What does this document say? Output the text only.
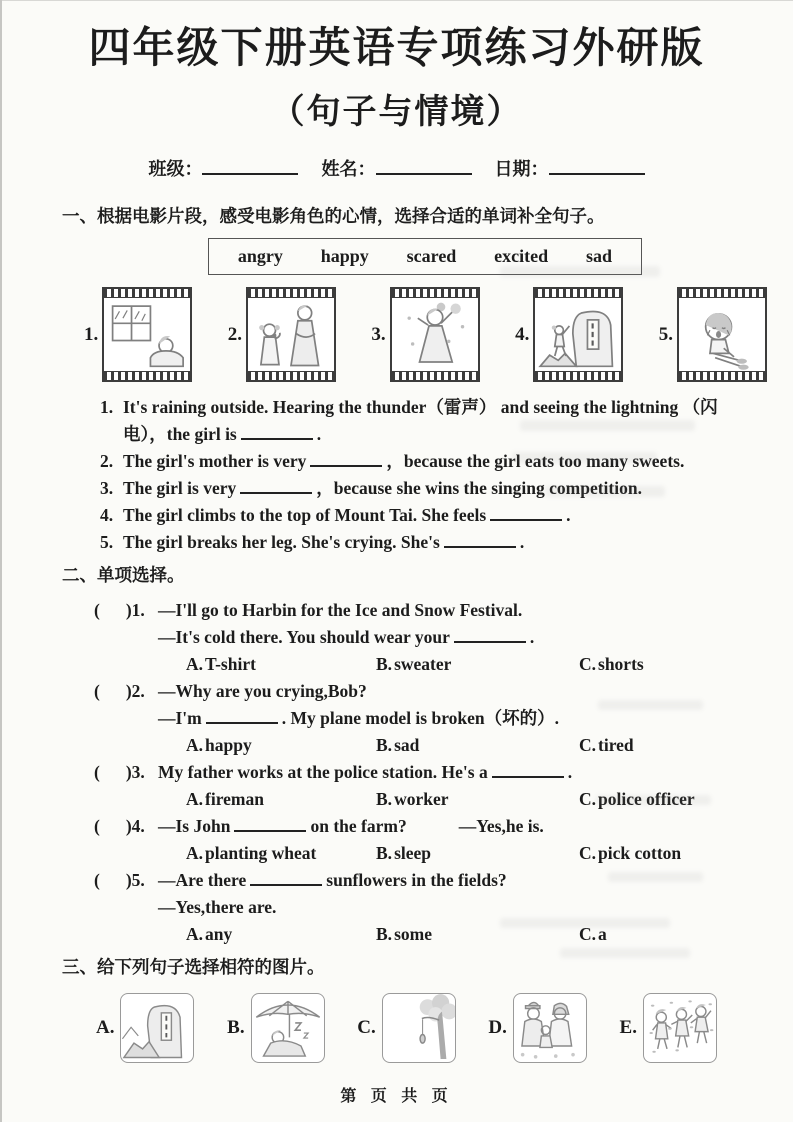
四年级下册英语专项练习外研版
（句子与情境）
班级：	姓名：	日期：
一、根据电影片段，感受电影角色的心情，选择合适的单词补全句子。
angry happy scared excited sad
1.	2.	3.	4.	5.
1. It's raining outside. Hearing the thunder（雷声） and seeing the lightning （闪电），the girl is	.
2. The girl's mother is very	，because the girl eats too many sweets.
3. The girl is very	，because she wins the singing competition.
4. The girl climbs to the top of Mount Tai. She feels	.
5. The girl breaks her leg. She's crying. She's	.
二、单项选择。
( )1. —I'll go to Harbin for the Ice and Snow Festival.
—It's cold there. You should wear your	.
A. T-shirt	B. sweater	C. shorts
( )2. —Why are you crying,Bob?
—I'm	. My plane model is broken（坏的）.
A. happy	B. sad	C. tired
( )3. My father works at the police station. He's a	.
A. fireman	B. worker	C. police officer
( )4. —Is John	on the farm?	—Yes,he is.
A. planting wheat	B. sleep	C. pick cotton
( )5. —Are there	sunflowers in the fields?
—Yes,there are.
A. any	B. some	C. a
三、给下列句子选择相符的图片。
A.	B.	C.	D.	E.
第 页 共 页
